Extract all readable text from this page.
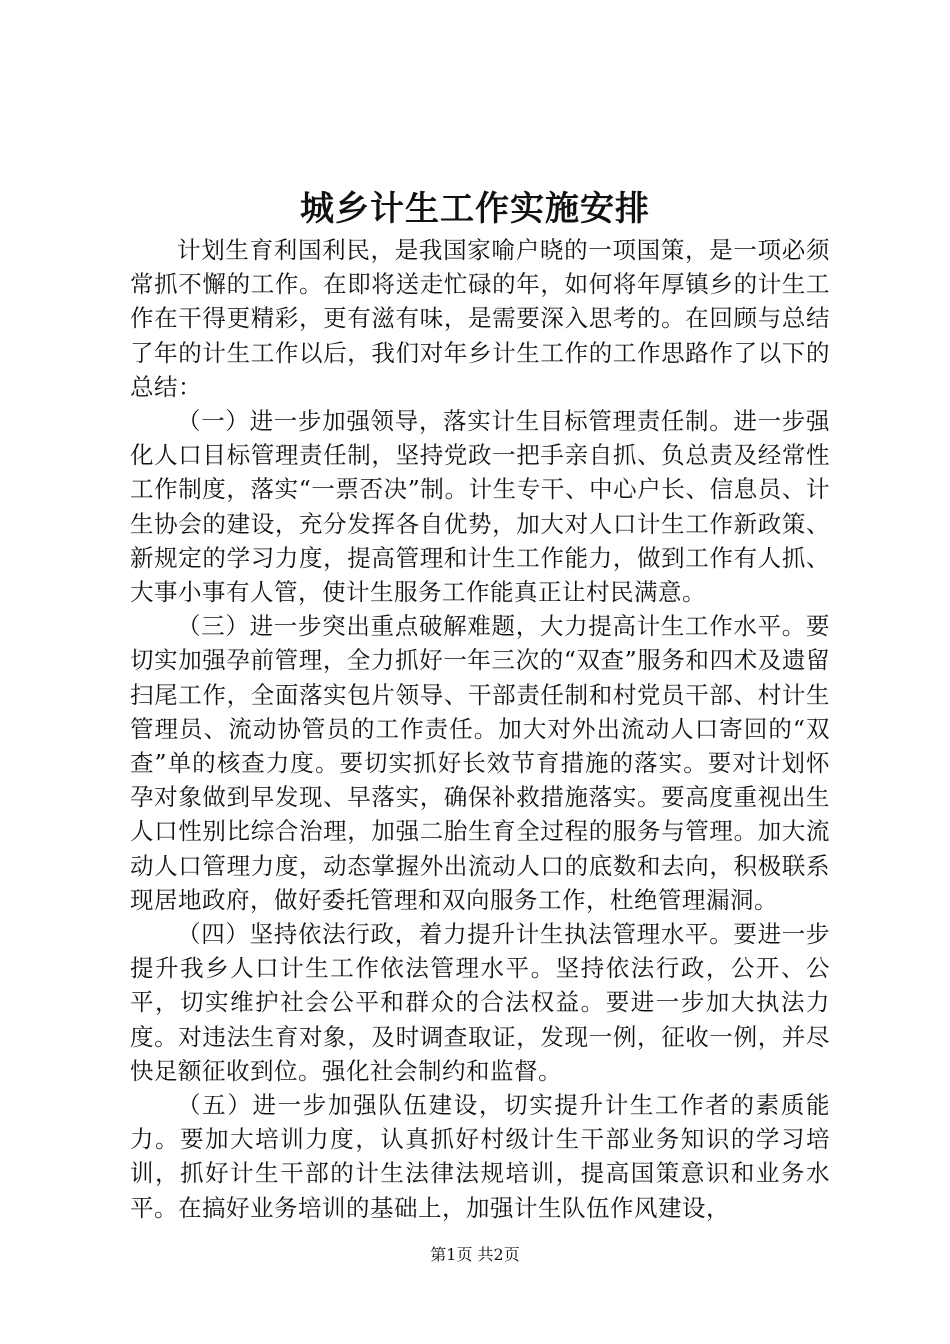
城乡计生工作实施安排

计划生育利国利民，是我国家喻户晓的一项国策，是一项必须常抓不懈的工作。在即将送走忙碌的年，如何将年厚镇乡的计生工作在干得更精彩，更有滋有味，是需要深入思考的。在回顾与总结了年的计生工作以后，我们对年乡计生工作的工作思路作了以下的总结：

（一）进一步加强领导，落实计生目标管理责任制。进一步强化人口目标管理责任制，坚持党政一把手亲自抓、负总责及经常性工作制度，落实“一票否决”制。计生专干、中心户长、信息员、计生协会的建设，充分发挥各自优势，加大对人口计生工作新政策、新规定的学习力度，提高管理和计生工作能力，做到工作有人抓、大事小事有人管，使计生服务工作能真正让村民满意。

（三）进一步突出重点破解难题，大力提高计生工作水平。要切实加强孕前管理，全力抓好一年三次的“双查”服务和四术及遗留扫尾工作，全面落实包片领导、干部责任制和村党员干部、村计生管理员、流动协管员的工作责任。加大对外出流动人口寄回的“双查”单的核查力度。要切实抓好长效节育措施的落实。要对计划怀孕对象做到早发现、早落实，确保补救措施落实。要高度重视出生人口性别比综合治理，加强二胎生育全过程的服务与管理。加大流动人口管理力度，动态掌握外出流动人口的底数和去向，积极联系现居地政府，做好委托管理和双向服务工作，杜绝管理漏洞。

（四）坚持依法行政，着力提升计生执法管理水平。要进一步提升我乡人口计生工作依法管理水平。坚持依法行政，公开、公平，切实维护社会公平和群众的合法权益。要进一步加大执法力度。对违法生育对象，及时调查取证，发现一例，征收一例，并尽快足额征收到位。强化社会制约和监督。

（五）进一步加强队伍建设，切实提升计生工作者的素质能力。要加大培训力度，认真抓好村级计生干部业务知识的学习培训，抓好计生干部的计生法律法规培训，提高国策意识和业务水平。在搞好业务培训的基础上，加强计生队伍作风建设，

第1页 共2页
